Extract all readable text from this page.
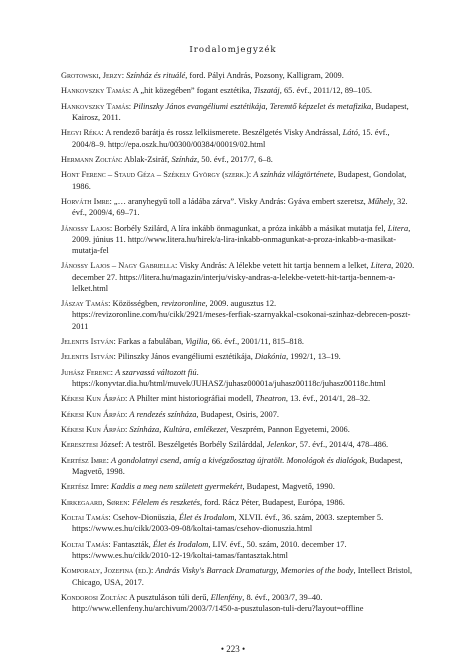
Irodalomjegyzék
Grotowski, Jerzy: Színház és rituálé, ford. Pályi András, Pozsony, Kalligram, 2009.
Hankovszky Tamás: A „hit közegében” fogant esztétika, Tiszatáj, 65. évf., 2011/12, 89–105.
Hankovszky Tamás: Pilinszky János evangéliumi esztétikája, Teremtő képzelet és metafizika, Budapest, Kairosz, 2011.
Hegyi Réka: A rendező barátja és rossz lelkiismerete. Beszélgetés Visky Andrással, Látó, 15. évf., 2004/8–9. http://epa.oszk.hu/00300/00384/00019/02.html
Hermann Zoltán: Ablak-Zsiráf, Színház, 50. évf., 2017/7, 6–8.
Hont Ferenc – Staud Géza – Székely György (szerk.): A színház világtörténete, Budapest, Gondolat, 1986.
Horváth Imre: „… aranyhegyű toll a ládába zárva”. Visky András: Gyáva embert szeretsz, Műhely, 32. évf., 2009/4, 69–71.
Jánossy Lajos: Borbély Szilárd, A líra inkább önmagunkat, a próza inkább a másikat mutatja fel, Litera, 2009. június 11. http://www.litera.hu/hirek/a-lira-inkabb-onmagunkat-a-proza-inkabb-a-masikat-mutatja-fel
Jánossy Lajos – Nagy Gabriella: Visky András: A lélekbe vetett hit tartja bennem a lelket, Litera, 2020. december 27. https://litera.hu/magazin/interju/visky-andras-a-lelekbe-vetett-hit-tartja-bennem-a-lelket.html
Jászay Tamás: Közösségben, revizoronline, 2009. augusztus 12. https://revizoronline.com/hu/cikk/2921/meses-ferfiak-szarnyakkal-csokonai-szinhaz-debrecen-poszt-2011
Jelenits István: Farkas a fabulában, Vigilia, 66. évf., 2001/11, 815–818.
Jelenits István: Pilinszky János evangéliumi esztétikája, Diakónia, 1992/1, 13–19.
Juhász Ferenc: A szarvassá változott fiú. https://konyvtar.dia.hu/html/muvek/JUHASZ/juhasz00001a/juhasz00118c/juhasz00118c.html
Kékesi Kun Árpád: A Philter mint historiográfiai modell, Theatron, 13. évf., 2014/1, 28–32.
Kékesi Kun Árpád: A rendezés színháza, Budapest, Osiris, 2007.
Kékesi Kun Árpád: Színháza, Kultúra, emlékezet, Veszprém, Pannon Egyetemi, 2006.
Keresztesi József: A testről. Beszélgetés Borbély Szilárddal, Jelenkor, 57. évf., 2014/4, 478–486.
Kertész Imre: A gondolatnyi csend, amíg a kivégzőosztag újratölt. Monológok és dialógok, Budapest, Magvető, 1998.
Kertész Imre: Kaddis a meg nem született gyermekért, Budapest, Magvető, 1990.
Kirkegaard, Søren: Félelem és reszketés, ford. Rácz Péter, Budapest, Európa, 1986.
Koltai Tamás: Csehov-Dionüszia, Élet és Irodalom, XLVII. évf., 36. szám, 2003. szeptember 5. https://www.es.hu/cikk/2003-09-08/koltai-tamas/csehov-dionuszia.html
Koltai Tamás: Fantaszták, Élet és Irodalom, LIV. évf., 50. szám, 2010. december 17. https://www.es.hu/cikk/2010-12-19/koltai-tamas/fantasztak.html
Komporaly, Jozefina (ed.): András Visky's Barrack Dramaturgy, Memories of the body, Intellect Bristol, Chicago, USA, 2017.
Kondorosi Zoltán: A pusztuláson túli derű, Ellenfény, 8. évf., 2003/7, 39–40. http://www.ellenfeny.hu/archivum/2003/7/1450-a-pusztulason-tuli-deru?layout=offline
• 223 •
